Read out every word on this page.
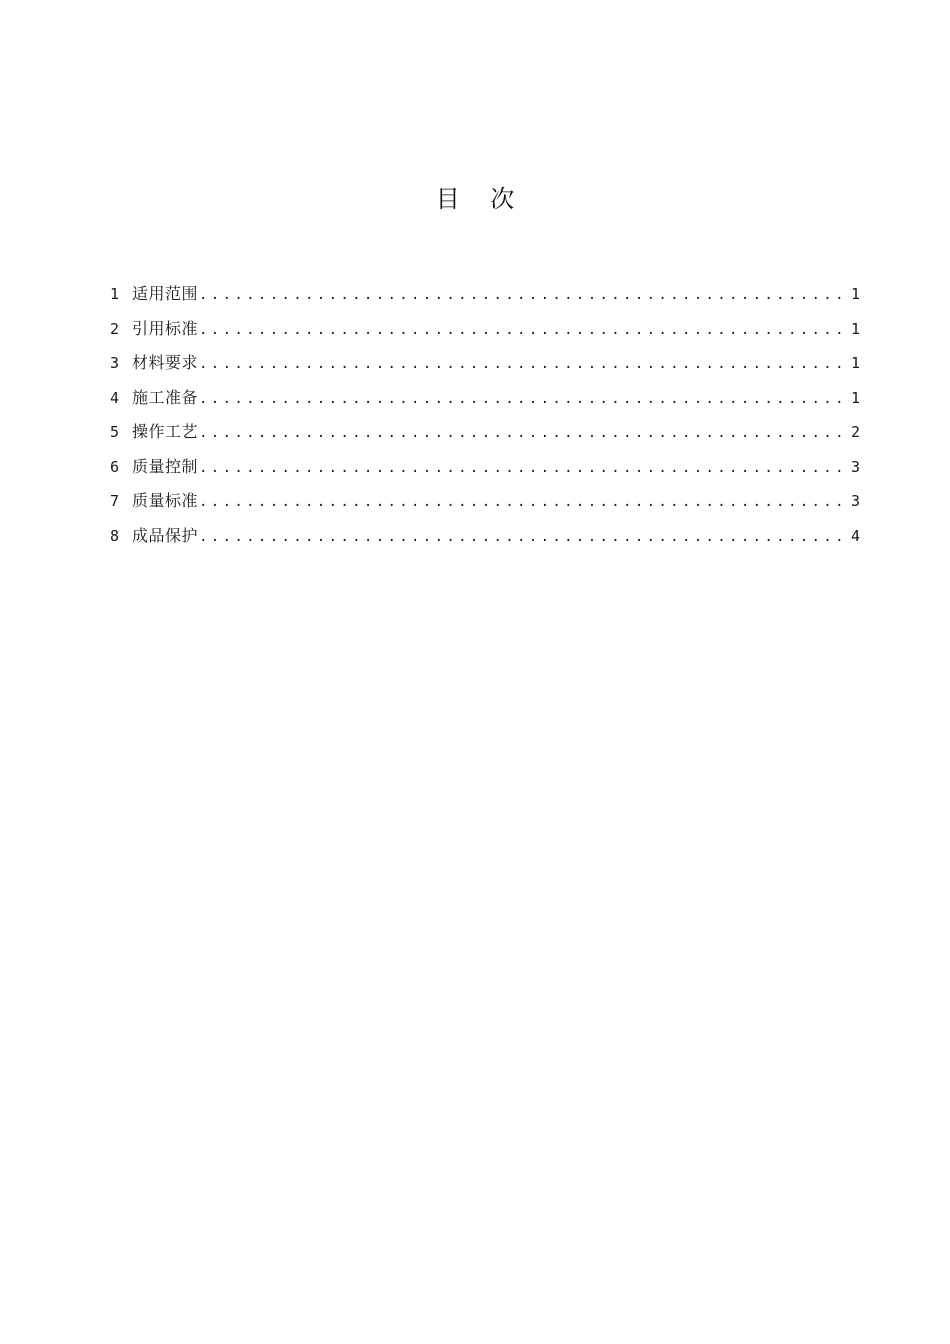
目    次
1 适用范围 .....	1
2 引用标准 .....	1
3 材料要求 .....	1
4 施工准备 .....	1
5 操作工艺 .....	2
6 质量控制 .....	3
7 质量标准 .....	3
8 成品保护 .....	4
